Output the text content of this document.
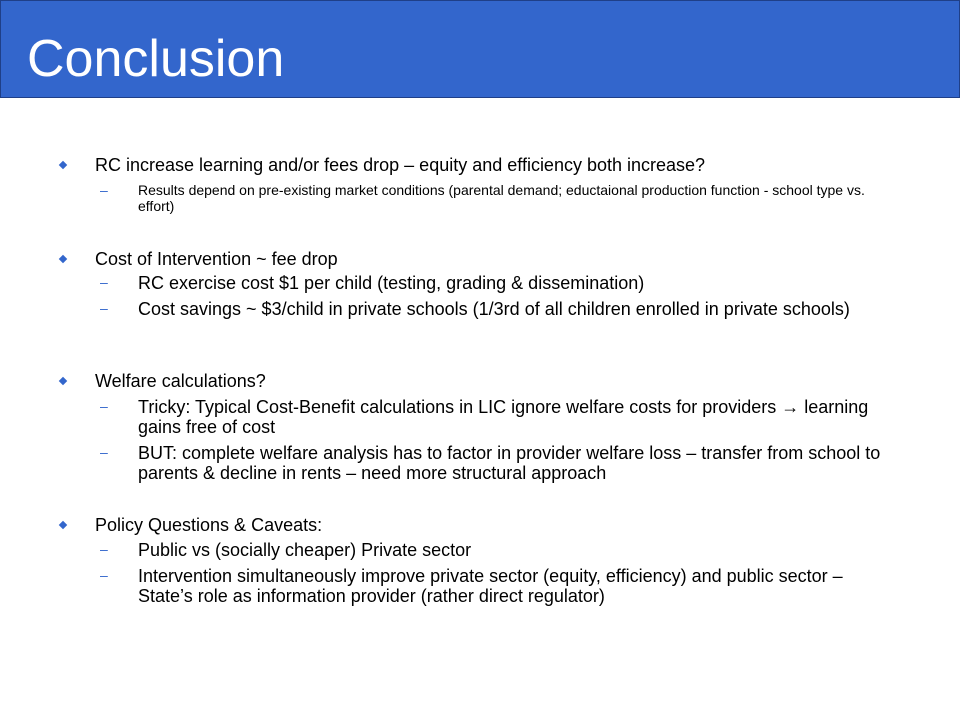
Conclusion
RC increase learning and/or fees drop – equity and efficiency both increase?
– Results depend on pre-existing market conditions (parental demand; eductaional production function - school type vs. effort)
Cost of Intervention ~ fee drop
– RC exercise cost $1 per child (testing, grading & dissemination)
– Cost savings ~ $3/child in private schools (1/3rd of all children enrolled in private schools)
Welfare calculations?
– Tricky: Typical Cost-Benefit calculations in LIC ignore welfare costs for providers → learning gains free of cost
– BUT: complete welfare analysis has to factor in provider welfare loss – transfer from school to parents & decline in rents – need more structural approach
Policy Questions & Caveats:
– Public vs (socially cheaper) Private sector
– Intervention simultaneously improve private sector (equity, efficiency) and public sector – State’s role as information provider (rather direct regulator)
